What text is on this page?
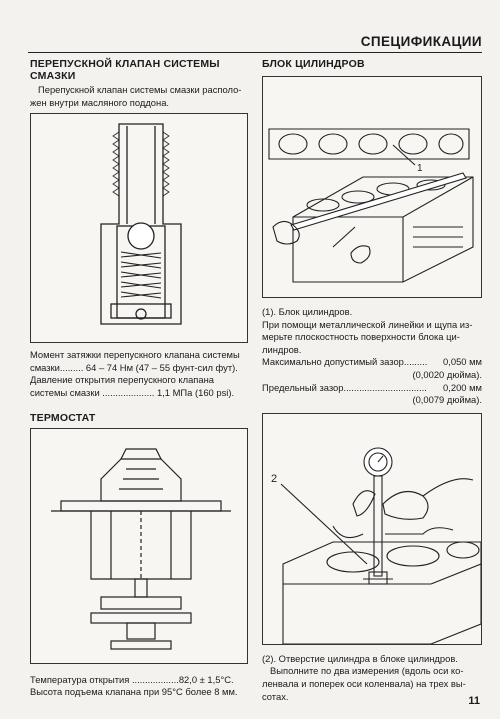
СПЕЦИФИКАЦИИ

ПЕРЕПУСКНОЙ КЛАПАН СИСТЕМЫ СМАЗКИ

Перепускной клапан системы смазки располо-

жен внутри масляного поддона.

Момент затяжки перепускного клапана системы

смазки......... 64 – 74 Нм (47 – 55 фунт-сил фут).

Давление открытия перепускного клапана

системы смазки .................... 1,1 МПа (160 psi).

ТЕРМОСТАТ

Температура открытия ..................82,0 ± 1,5°C.

Высота подъема клапана при 95°C более 8 мм.

БЛОК ЦИЛИНДРОВ

1

(1). Блок цилиндров.

При помощи металлической линейки и щупа из-

мерьте плоскостность поверхности блока ци-

линдров.

Максимально допустимый зазор......... 0,050 мм
(0,0020 дюйма).
Предельный зазор................................ 0,200 мм
(0,0079 дюйма).
2

(2). Отверстие цилиндра в блоке цилиндров.

Выполните по два измерения (вдоль оси ко-

ленвала и поперек оси коленвала) на трех вы-

сотах.	11
